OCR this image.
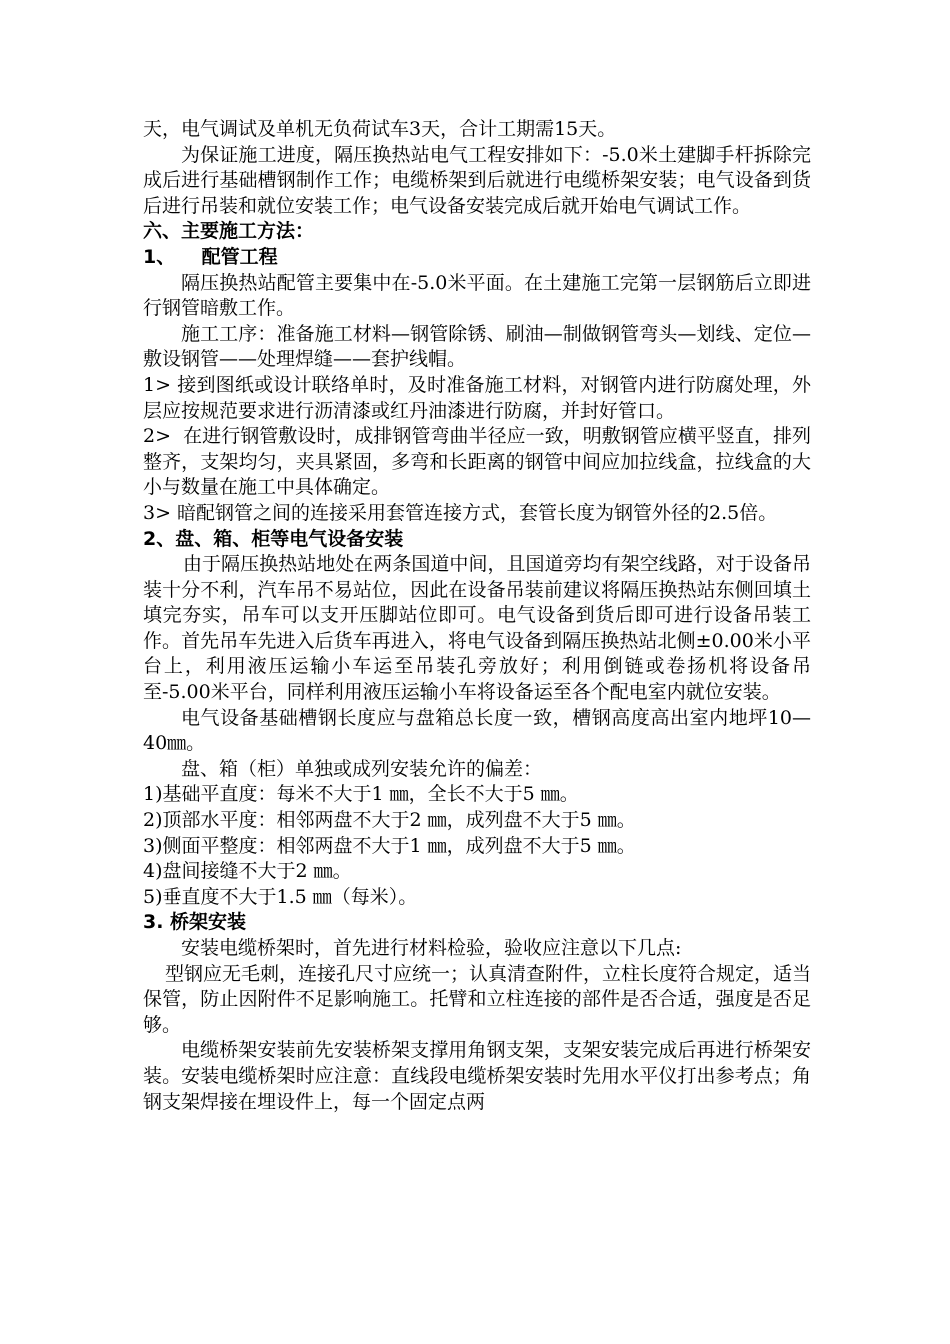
天，电气调试及单机无负荷试车3天，合计工期需15天。

为保证施工进度，隔压换热站电气工程安排如下：-5.0米土建脚手杆拆除完成后进行基础槽钢制作工作；电缆桥架到后就进行电缆桥架安装；电气设备到货后进行吊装和就位安装工作；电气设备安装完成后就开始电气调试工作。

六、主要施工方法：

1、    配管工程

隔压换热站配管主要集中在-5.0米平面。在土建施工完第一层钢筋后立即进行钢管暗敷工作。

施工工序：准备施工材料—钢管除锈、刷油—制做钢管弯头—划线、定位—敷设钢管——处理焊缝——套护线帽。

1> 接到图纸或设计联络单时，及时准备施工材料，对钢管内进行防腐处理，外层应按规范要求进行沥清漆或红丹油漆进行防腐，并封好管口。

2>  在进行钢管敷设时，成排钢管弯曲半径应一致，明敷钢管应横平竖直，排列整齐，支架均匀，夹具紧固，多弯和长距离的钢管中间应加拉线盒，拉线盒的大小与数量在施工中具体确定。

3> 暗配钢管之间的连接采用套管连接方式，套管长度为钢管外径的2.5倍。

2、盘、箱、柜等电气设备安装

由于隔压换热站地处在两条国道中间，且国道旁均有架空线路，对于设备吊装十分不利，汽车吊不易站位，因此在设备吊装前建议将隔压换热站东侧回填土填完夯实，吊车可以支开压脚站位即可。电气设备到货后即可进行设备吊装工作。首先吊车先进入后货车再进入，将电气设备到隔压换热站北侧±0.00米小平台上，利用液压运输小车运至吊装孔旁放好；利用倒链或卷扬机将设备吊至-5.00米平台，同样利用液压运输小车将设备运至各个配电室内就位安装。

电气设备基础槽钢长度应与盘箱总长度一致，槽钢高度高出室内地坪10—40㎜。

盘、箱（柜）单独或成列安装允许的偏差：

1)基础平直度：每米不大于1 ㎜，全长不大于5 ㎜。

2)顶部水平度：相邻两盘不大于2 ㎜，成列盘不大于5 ㎜。

3)侧面平整度：相邻两盘不大于1 ㎜，成列盘不大于5 ㎜。

4)盘间接缝不大于2 ㎜。

5)垂直度不大于1.5 ㎜（每米）。

3. 桥架安装

安装电缆桥架时，首先进行材料检验，验收应注意以下几点:

型钢应无毛刺，连接孔尺寸应统一；认真清查附件，立柱长度符合规定，适当保管，防止因附件不足影响施工。托臂和立柱连接的部件是否合适，强度是否足够。

电缆桥架安装前先安装桥架支撑用角钢支架，支架安装完成后再进行桥架安装。安装电缆桥架时应注意：直线段电缆桥架安装时先用水平仪打出参考点；角钢支架焊接在埋设件上，每一个固定点两
